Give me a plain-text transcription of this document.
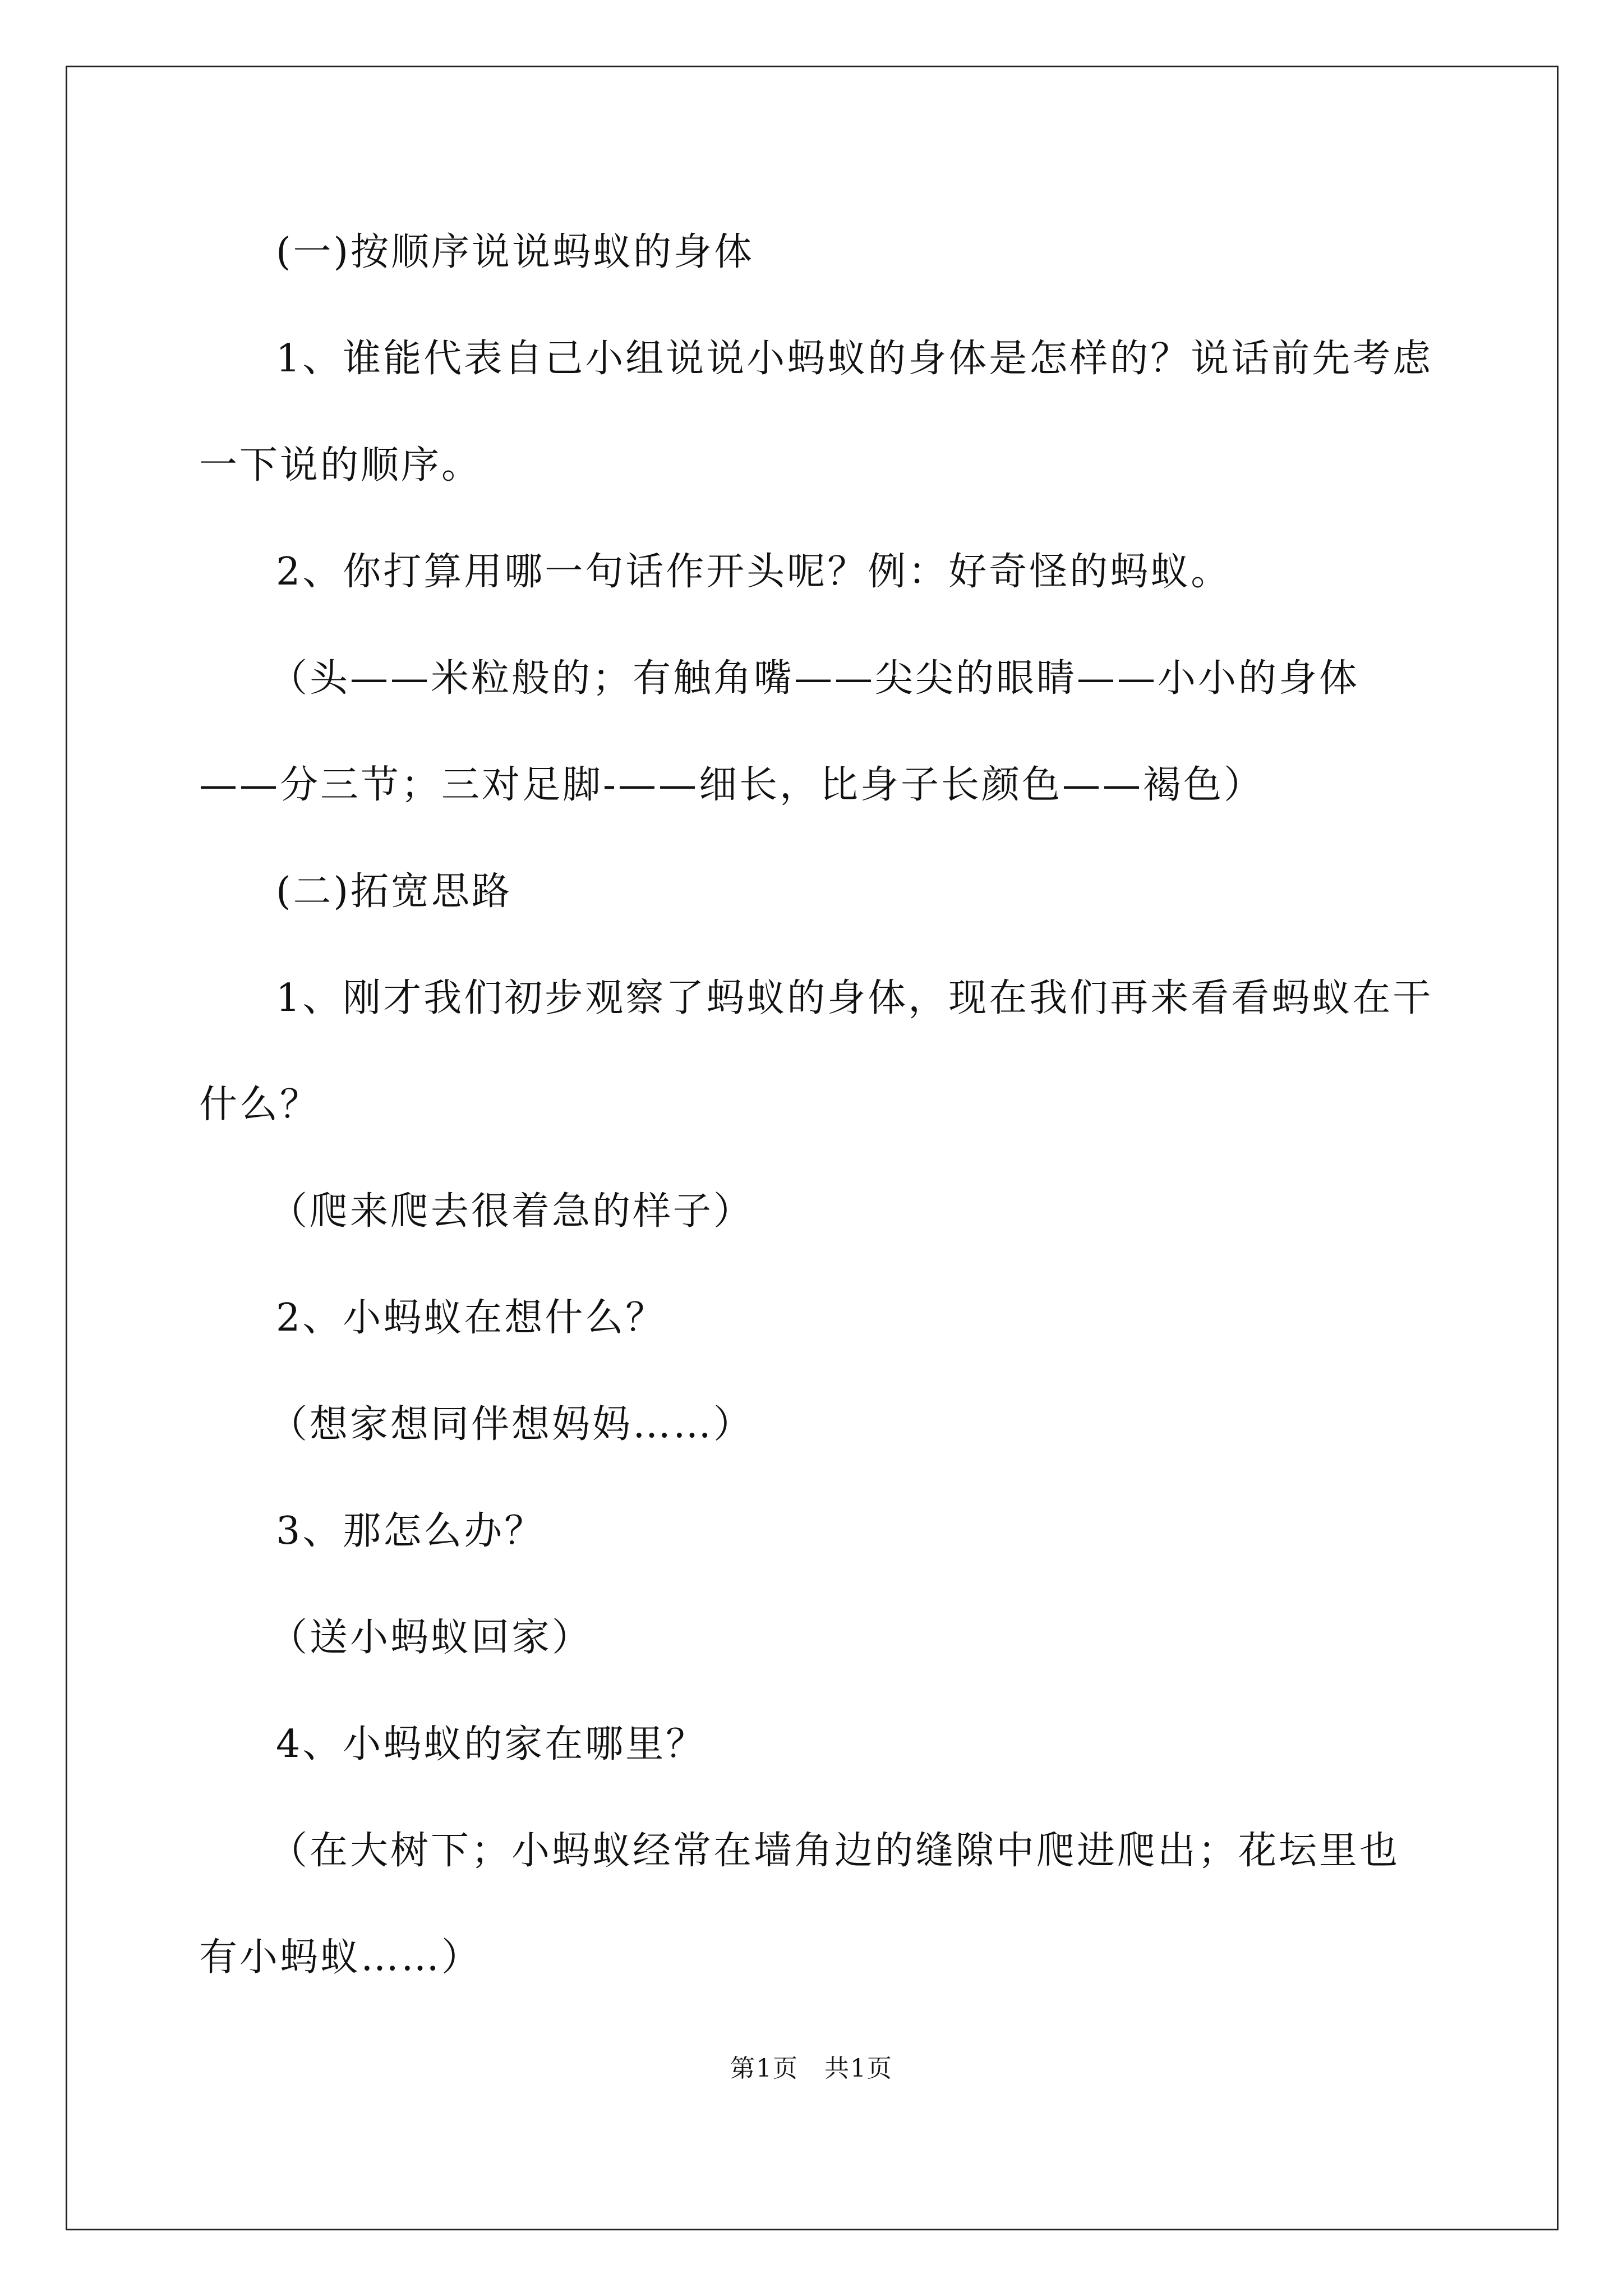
(一)按顺序说说蚂蚁的身体
1、谁能代表自己小组说说小蚂蚁的身体是怎样的？说话前先考虑
一下说的顺序。
2、你打算用哪一句话作开头呢？例：好奇怪的蚂蚁。
（头——米粒般的；有触角嘴——尖尖的眼睛——小小的身体
——分三节；三对足脚-——细长，比身子长颜色——褐色）
(二)拓宽思路
1、刚才我们初步观察了蚂蚁的身体，现在我们再来看看蚂蚁在干
什么？
（爬来爬去很着急的样子）
2、小蚂蚁在想什么？
（想家想同伴想妈妈……）
3、那怎么办？
（送小蚂蚁回家）
4、小蚂蚁的家在哪里？
（在大树下；小蚂蚁经常在墙角边的缝隙中爬进爬出；花坛里也
有小蚂蚁……）
第1页　共1页
